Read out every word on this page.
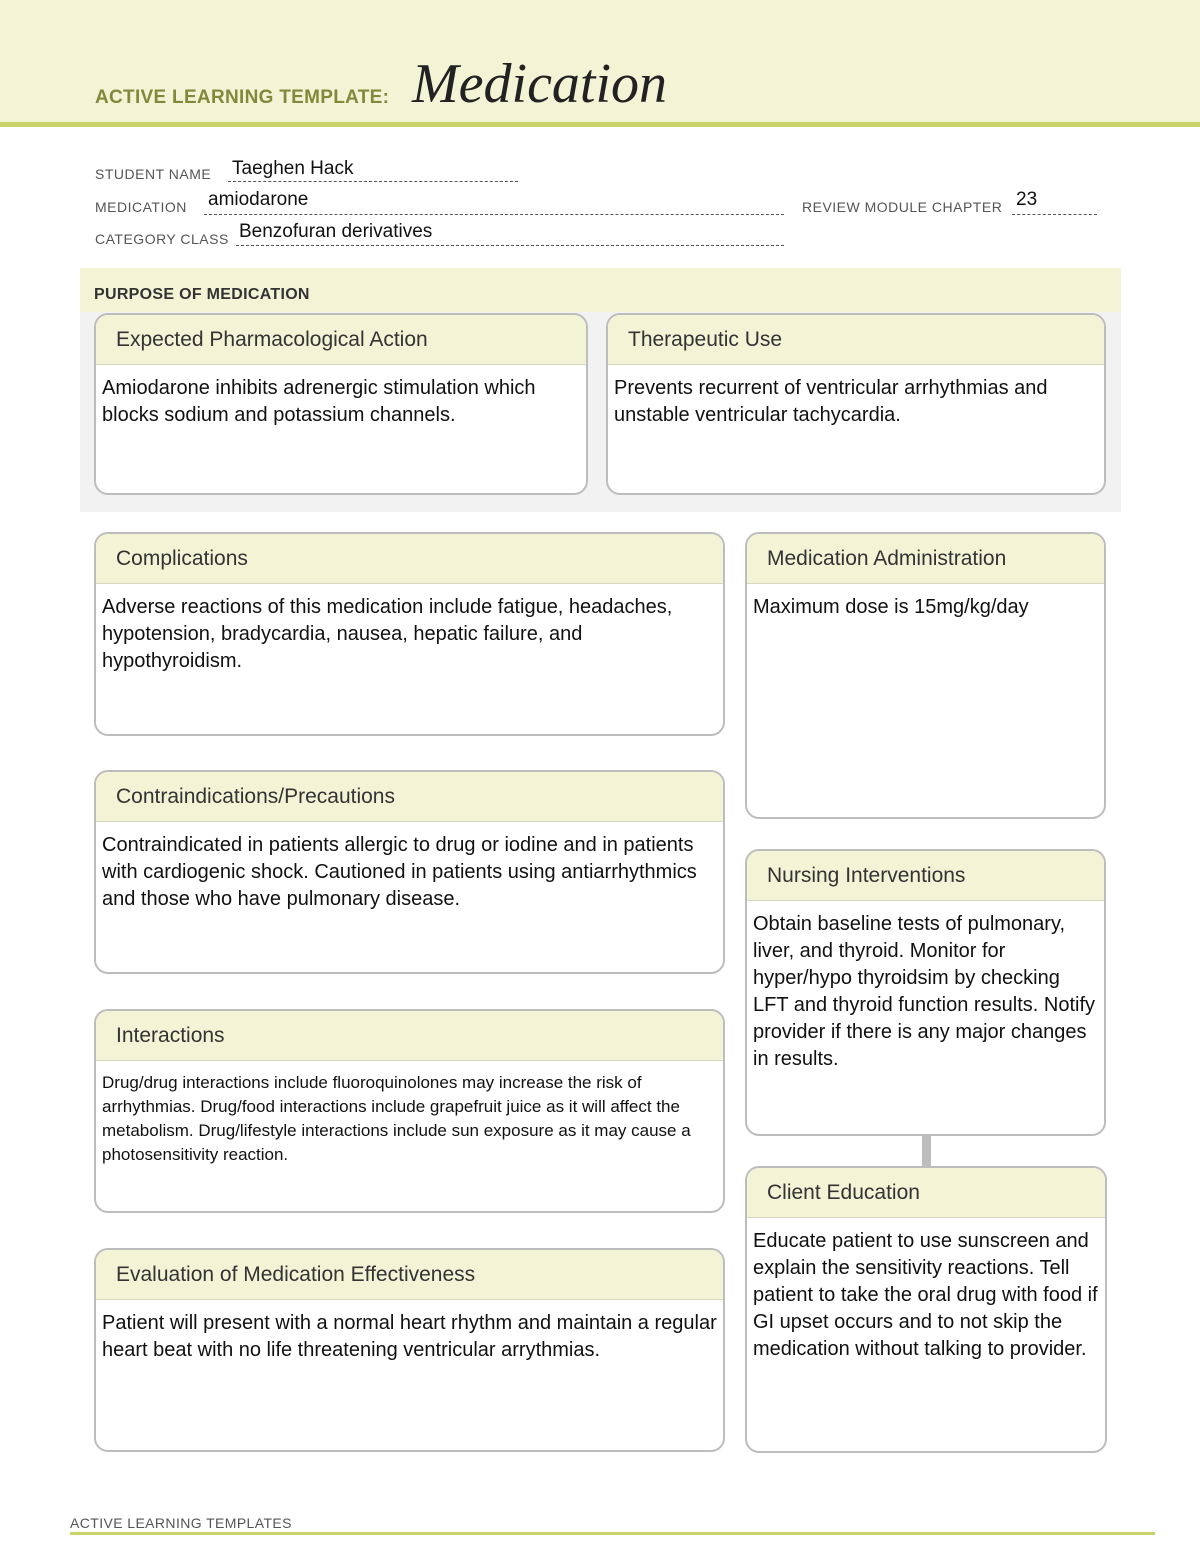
ACTIVE LEARNING TEMPLATE: Medication
STUDENT NAME Taeghen Hack
MEDICATION amiodarone	REVIEW MODULE CHAPTER 23
CATEGORY CLASS Benzofuran derivatives
PURPOSE OF MEDICATION
Expected Pharmacological Action
Amiodarone inhibits adrenergic stimulation which blocks sodium and potassium channels.
Therapeutic Use
Prevents recurrent of ventricular arrhythmias and unstable ventricular tachycardia.
Complications
Adverse reactions of this medication include fatigue, headaches, hypotension, bradycardia, nausea, hepatic failure, and hypothyroidism.
Contraindications/Precautions
Contraindicated in patients allergic to drug or iodine and in patients with cardiogenic shock. Cautioned in patients using antiarrhythmics and those who have pulmonary disease.
Interactions
Drug/drug interactions include fluoroquinolones may increase the risk of arrhythmias. Drug/food interactions include grapefruit juice as it will affect the metabolism. Drug/lifestyle interactions include sun exposure as it may cause a photosensitivity reaction.
Evaluation of Medication Effectiveness
Patient will present with a normal heart rhythm and maintain a regular heart beat with no life threatening ventricular arrythmias.
Medication Administration
Maximum dose is 15mg/kg/day
Nursing Interventions
Obtain baseline tests of pulmonary, liver, and thyroid. Monitor for hyper/hypo thyroidsim by checking LFT and thyroid function results. Notify provider if there is any major changes in results.
Client Education
Educate patient to use sunscreen and explain the sensitivity reactions. Tell patient to take the oral drug with food if GI upset occurs and to not skip the medication without talking to provider.
ACTIVE LEARNING TEMPLATES
